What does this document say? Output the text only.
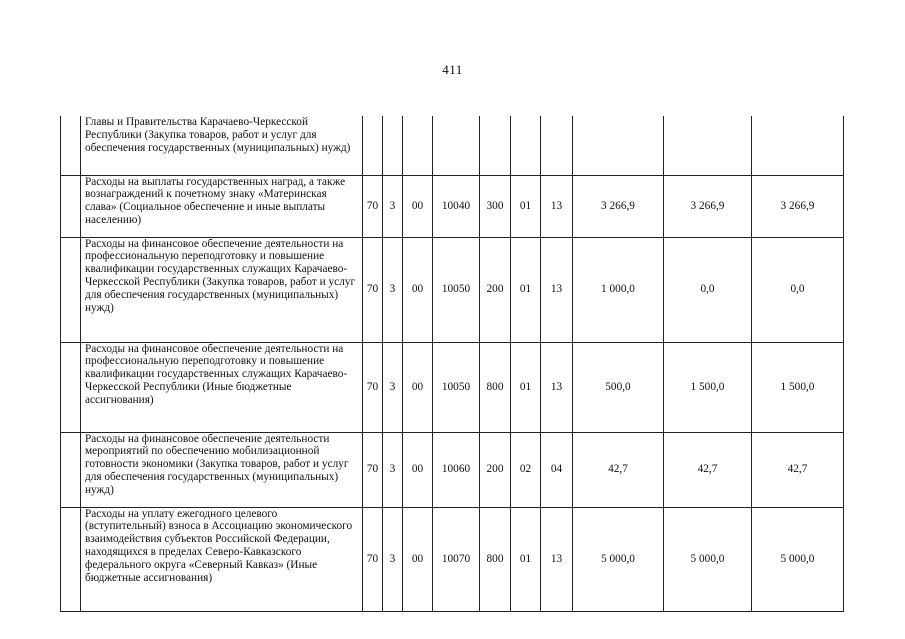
411
	Главы и Правительства Карачаево-Черкесской Республики (Закупка товаров, работ и услуг для обеспечения государственных (муниципальных) нужд)										
	Расходы на выплаты государственных наград, а также вознаграждений к почетному знаку «Материнская слава» (Социальное обеспечение и иные выплаты населению)	70	3	00	10040	300	01	13	3 266,9	3 266,9	3 266,9
	Расходы на финансовое обеспечение деятельности на профессиональную переподготовку и повышение квалификации государственных служащих Карачаево-Черкесской Республики (Закупка товаров, работ и услуг для обеспечения государственных (муниципальных) нужд)	70	3	00	10050	200	01	13	1 000,0	0,0	0,0
	Расходы на финансовое обеспечение деятельности на профессиональную переподготовку и повышение квалификации государственных служащих Карачаево-Черкесской Республики (Иные бюджетные ассигнования)	70	3	00	10050	800	01	13	500,0	1 500,0	1 500,0
	Расходы на финансовое обеспечение деятельности мероприятий по обеспечению мобилизационной готовности экономики (Закупка товаров, работ и услуг для обеспечения государственных (муниципальных) нужд)	70	3	00	10060	200	02	04	42,7	42,7	42,7
	Расходы на уплату ежегодного целевого (вступительный) взноса в Ассоциацию экономического взаимодействия субъектов Российской Федерации, находящихся в пределах Северо-Кавказского федерального округа «Северный Кавказ» (Иные бюджетные ассигнования)	70	3	00	10070	800	01	13	5 000,0	5 000,0	5 000,0
